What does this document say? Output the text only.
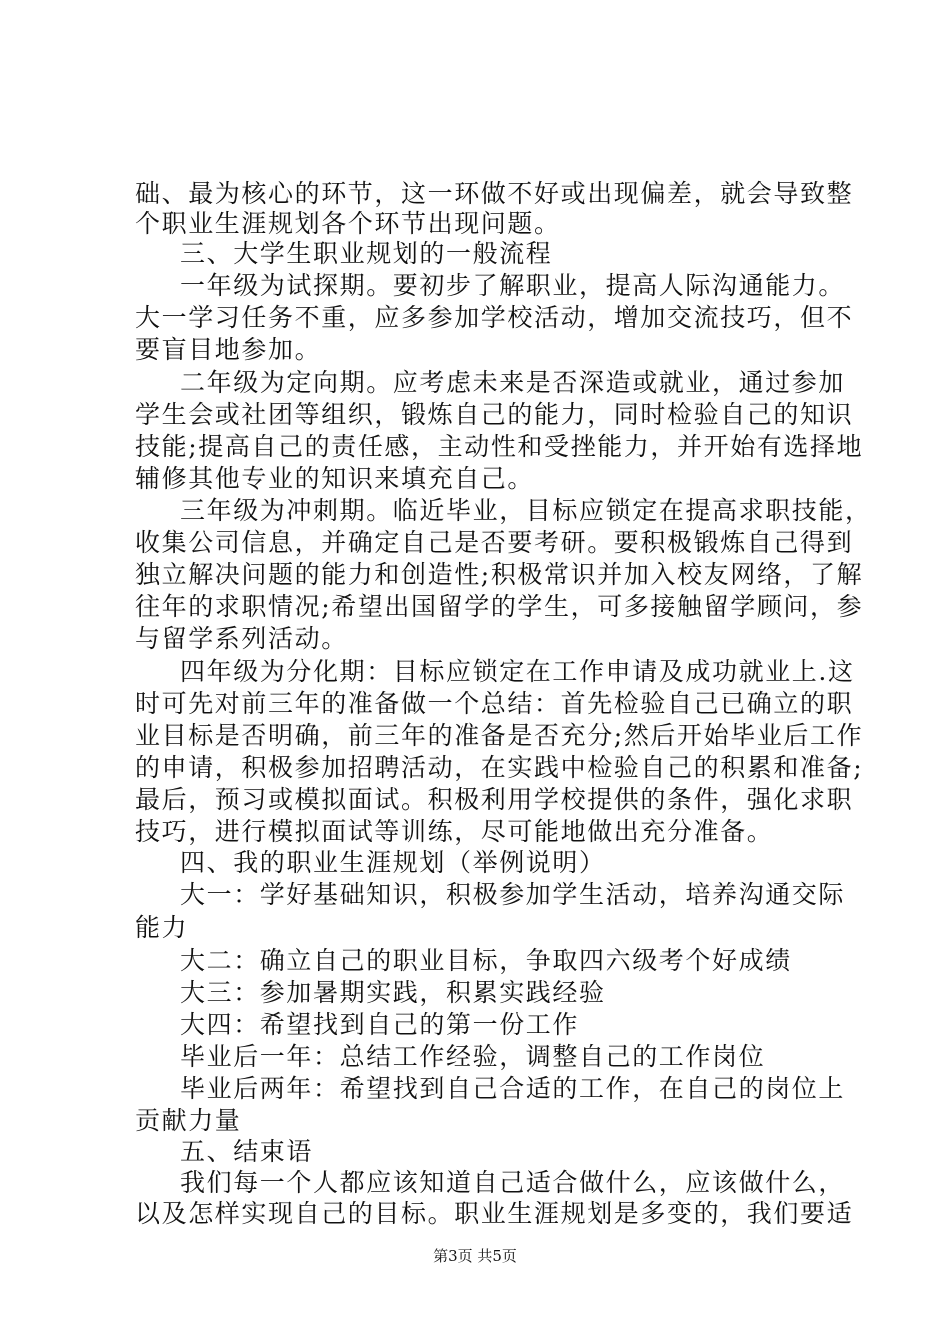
础、最为核心的环节，这一环做不好或出现偏差，就会导致整
个职业生涯规划各个环节出现问题。
三、大学生职业规划的一般流程
一年级为试探期。要初步了解职业，提高人际沟通能力。
大一学习任务不重，应多参加学校活动，增加交流技巧，但不
要盲目地参加。
二年级为定向期。应考虑未来是否深造或就业，通过参加
学生会或社团等组织，锻炼自己的能力，同时检验自己的知识
技能;提高自己的责任感，主动性和受挫能力，并开始有选择地
辅修其他专业的知识来填充自己。
三年级为冲刺期。临近毕业，目标应锁定在提高求职技能，
收集公司信息，并确定自己是否要考研。要积极锻炼自己得到
独立解决问题的能力和创造性;积极常识并加入校友网络，了解
往年的求职情况;希望出国留学的学生，可多接触留学顾问，参
与留学系列活动。
四年级为分化期：目标应锁定在工作申请及成功就业上.这
时可先对前三年的准备做一个总结：首先检验自己已确立的职
业目标是否明确，前三年的准备是否充分;然后开始毕业后工作
的申请，积极参加招聘活动，在实践中检验自己的积累和准备;
最后，预习或模拟面试。积极利用学校提供的条件，强化求职
技巧，进行模拟面试等训练，尽可能地做出充分准备。
四、我的职业生涯规划（举例说明）
大一：学好基础知识，积极参加学生活动，培养沟通交际
能力
大二：确立自己的职业目标，争取四六级考个好成绩
大三：参加暑期实践，积累实践经验
大四：希望找到自己的第一份工作
毕业后一年：总结工作经验，调整自己的工作岗位
毕业后两年：希望找到自己合适的工作，在自己的岗位上
贡献力量
五、结束语
我们每一个人都应该知道自己适合做什么，应该做什么，
以及怎样实现自己的目标。职业生涯规划是多变的，我们要适
第3页 共5页
